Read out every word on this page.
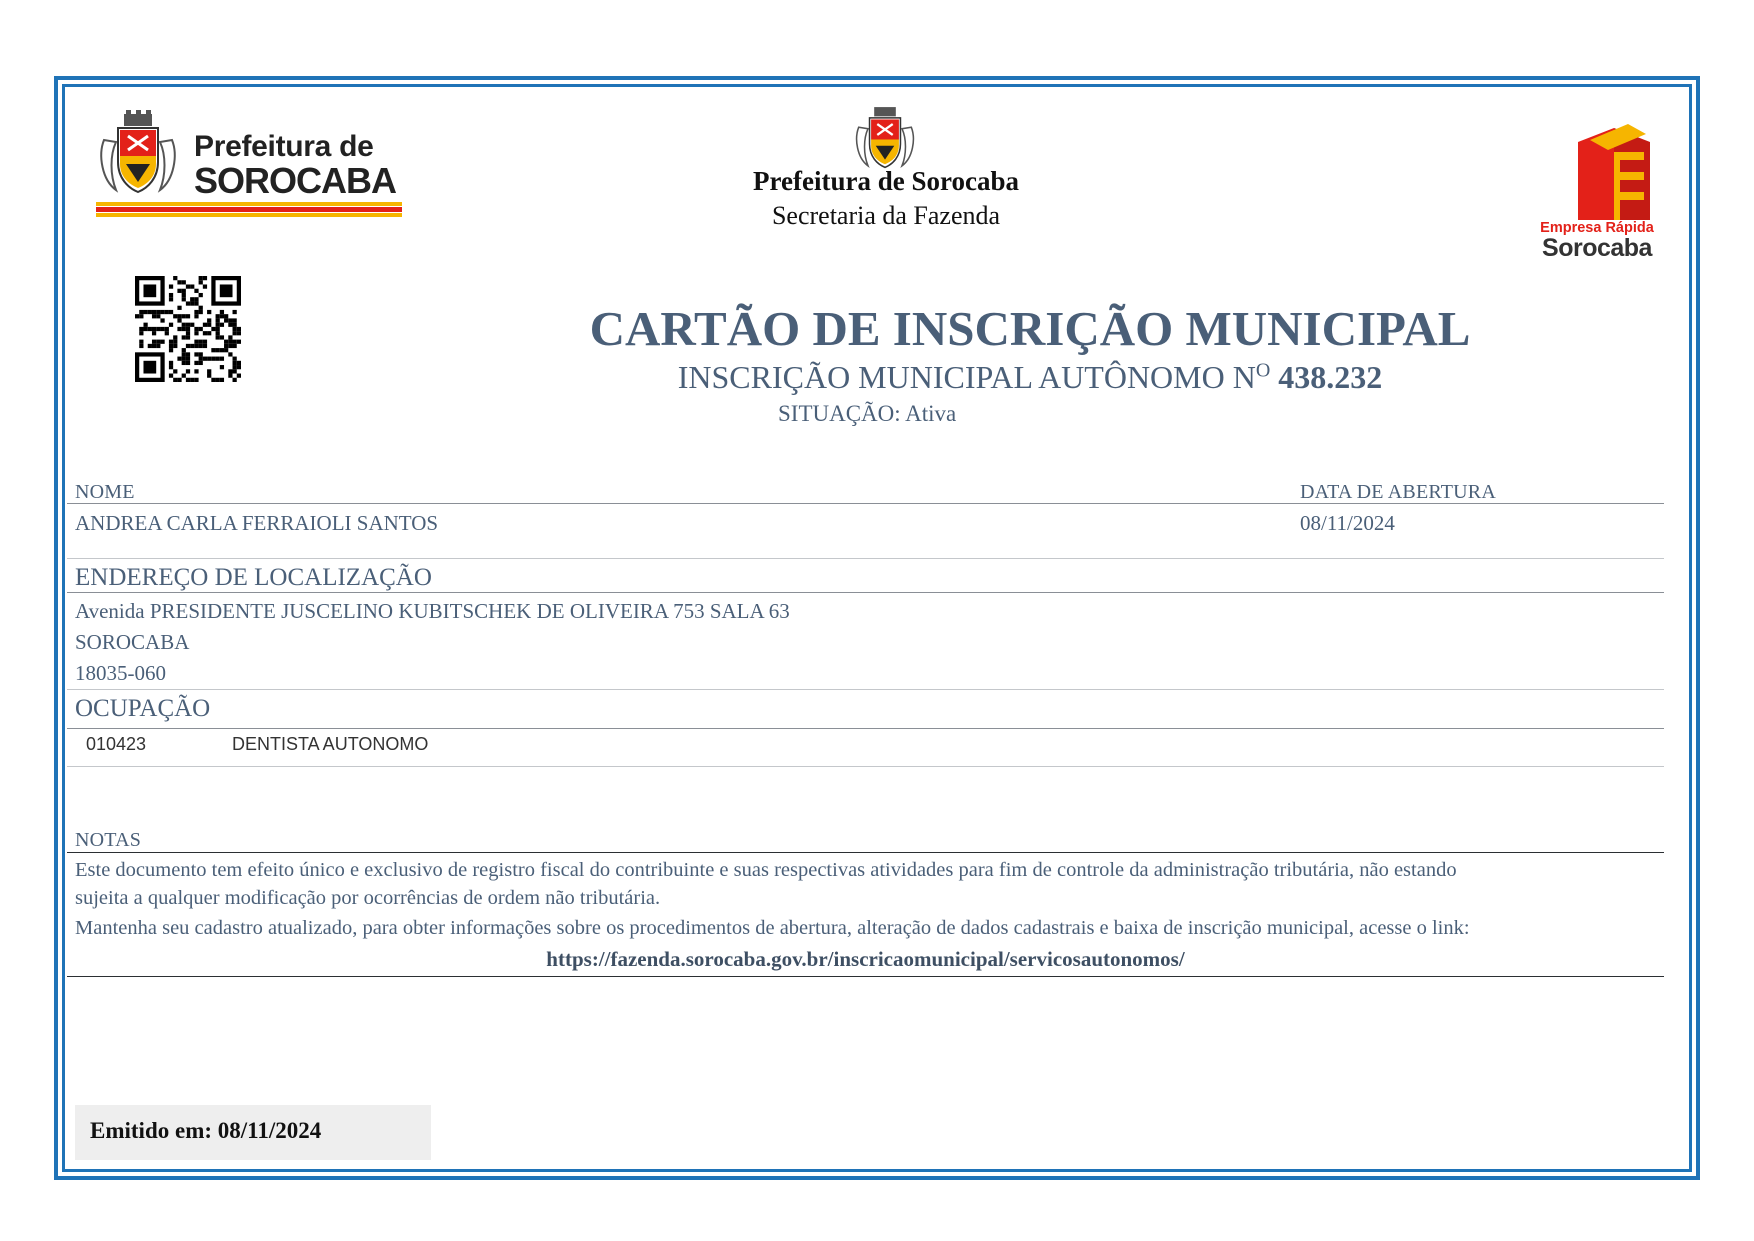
Prefeitura de
SOROCABA	Prefeitura de Sorocaba
Secretaria da Fazenda	Empresa Rápida
Sorocaba
CARTÃO DE INSCRIÇÃO MUNICIPAL
INSCRIÇÃO MUNICIPAL AUTÔNOMO $N^O$ 438.232
SITUAÇÃO: Ativa
NOME	DATA DE ABERTURA
ANDREA CARLA FERRAIOLI SANTOS	08/11/2024
ENDEREÇO DE LOCALIZAÇÃO
Avenida PRESIDENTE JUSCELINO KUBITSCHEK DE OLIVEIRA 753 SALA 63
SOROCABA
18035-060
OCUPAÇÃO
010423	DENTISTA AUTONOMO
NOTAS
Este documento tem efeito único e exclusivo de registro fiscal do contribuinte e suas respectivas atividades para fim de controle da administração tributária, não estando
sujeita a qualquer modificação por ocorrências de ordem não tributária.
Mantenha seu cadastro atualizado, para obter informações sobre os procedimentos de abertura, alteração de dados cadastrais e baixa de inscrição municipal, acesse o link:
https://fazenda.sorocaba.gov.br/inscricaomunicipal/servicosautonomos/
Emitido em: 08/11/2024
